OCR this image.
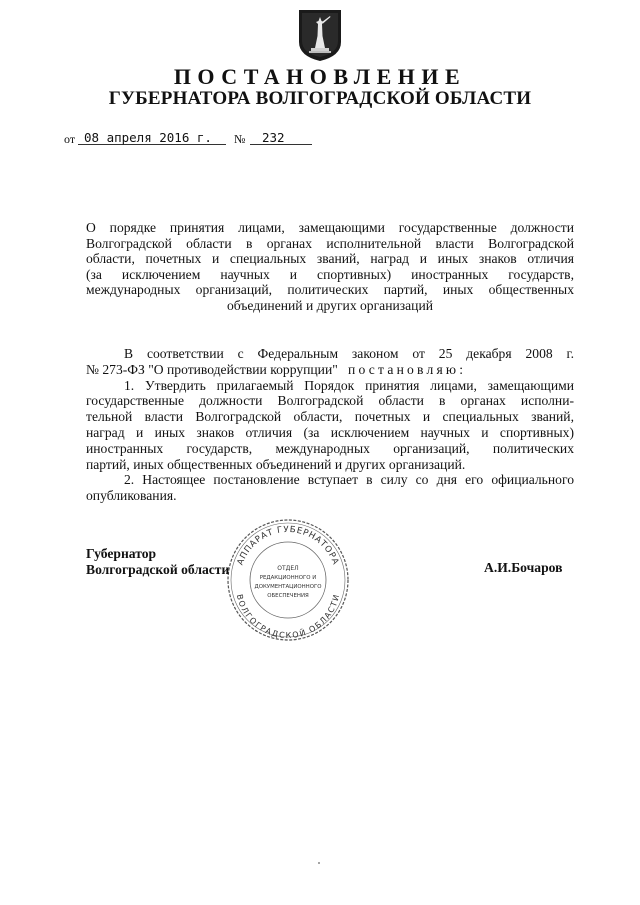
ПОСТАНОВЛЕНИЕ
ГУБЕРНАТОРА ВОЛГОГРАДСКОЙ ОБЛАСТИ
от 08 апреля 2016 г. № 232
О порядке принятия лицами, замещающими государственные должности
Волгоградской области в органах исполнительной власти Волгоградской
области, почетных и специальных званий, наград и иных знаков отличия
(за исключением научных и спортивных) иностранных государств,
международных организаций, политических партий, иных общественных
объединений и других организаций
В соответствии с Федеральным законом от 25 декабря 2008 г.
№ 273-ФЗ "О противодействии коррупции" постановляю:
1. Утвердить прилагаемый Порядок принятия лицами, замещающими
государственные должности Волгоградской области в органах исполни-
тельной власти Волгоградской области, почетных и специальных званий,
наград и иных знаков отличия (за исключением научных и спортивных)
иностранных государств, международных организаций, политических
партий, иных общественных объединений и других организаций.
2. Настоящее постановление вступает в силу со дня его официального
опубликования.
АППАРАТ ГУБЕРНАТОРА
ВОЛГОГРАДСКОЙ ОБЛАСТИ
ОТДЕЛ
РЕДАКЦИОННОГО И
ДОКУМЕНТАЦИОННОГО
ОБЕСПЕЧЕНИЯ
Губернатор
Волгоградской области	А.И.Бочаров
